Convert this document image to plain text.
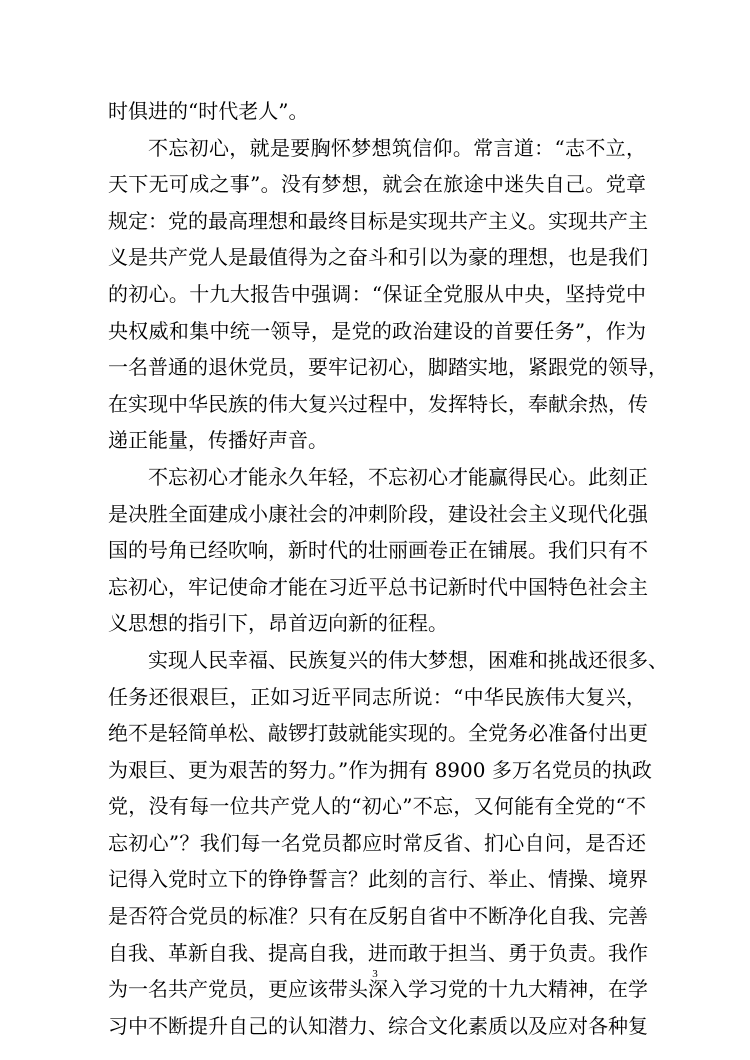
时俱进的“时代老人”。
不忘初心，就是要胸怀梦想筑信仰。常言道：“志不立，
天下无可成之事”。没有梦想，就会在旅途中迷失自己。党章
规定：党的最高理想和最终目标是实现共产主义。实现共产主
义是共产党人是最值得为之奋斗和引以为豪的理想，也是我们
的初心。十九大报告中强调：“保证全党服从中央，坚持党中
央权威和集中统一领导，是党的政治建设的首要任务”，作为
一名普通的退休党员，要牢记初心，脚踏实地，紧跟党的领导，
在实现中华民族的伟大复兴过程中，发挥特长，奉献余热，传
递正能量，传播好声音。
不忘初心才能永久年轻，不忘初心才能赢得民心。此刻正
是决胜全面建成小康社会的冲刺阶段，建设社会主义现代化强
国的号角已经吹响，新时代的壮丽画卷正在铺展。我们只有不
忘初心，牢记使命才能在习近平总书记新时代中国特色社会主
义思想的指引下，昂首迈向新的征程。
实现人民幸福、民族复兴的伟大梦想，困难和挑战还很多、
任务还很艰巨，正如习近平同志所说：“中华民族伟大复兴，
绝不是轻简单松、敲锣打鼓就能实现的。全党务必准备付出更
为艰巨、更为艰苦的努力。”作为拥有 8900 多万名党员的执政
党，没有每一位共产党人的“初心”不忘，又何能有全党的“不
忘初心”？我们每一名党员都应时常反省、扪心自问，是否还
记得入党时立下的铮铮誓言？此刻的言行、举止、情操、境界
是否符合党员的标准？只有在反躬自省中不断净化自我、完善
自我、革新自我、提高自我，进而敢于担当、勇于负责。我作
为一名共产党员，更应该带头深入学习党的十九大精神，在学
习中不断提升自己的认知潜力、综合文化素质以及应对各种复
3
